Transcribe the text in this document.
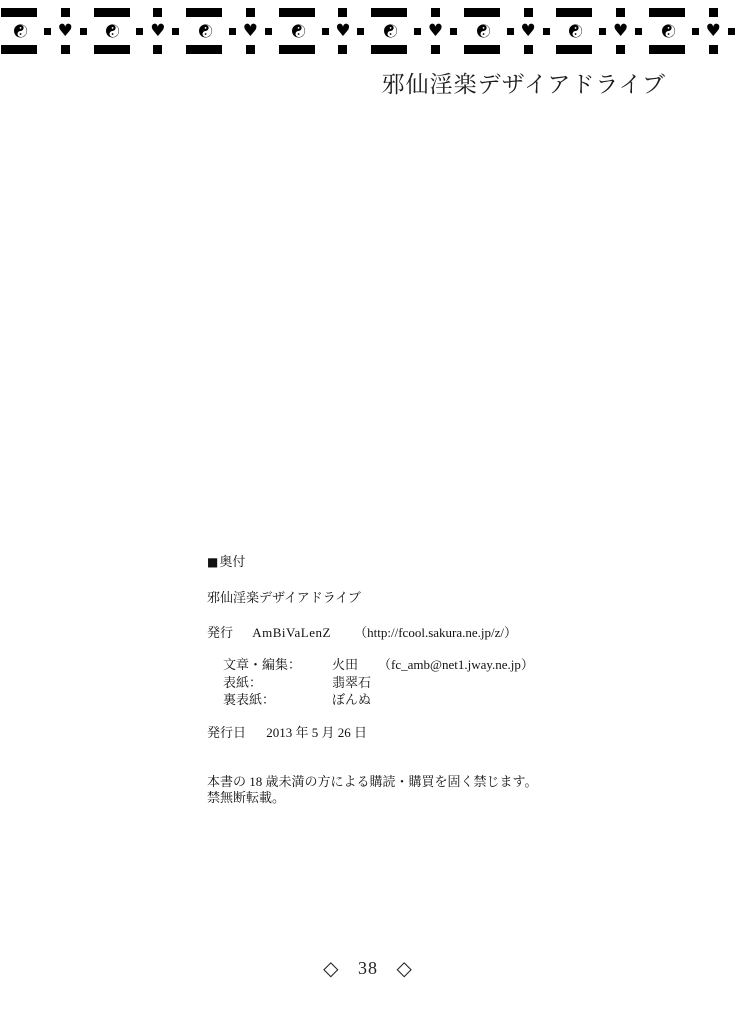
☯ ♥ ☯ ♥ ☯ ♥ ☯ ♥ ☯ ♥ ☯ ♥ ☯ ♥ ☯ ♥
邪仙淫楽デザイアドライブ
■ 奥付
邪仙淫楽デザイアドライブ
発行 AmBiVaLenZ （http://fcool.sakura.ne.jp/z/）
文章・編集：	火田	（fc_amb@net1.jway.ne.jp）
表紙：	翡翠石
裏表紙：	ぼんぬ
発行日 2013 年 5 月 26 日
本書の 18 歳未満の方による購読・購買を固く禁じます。
禁無断転載。
◇ 38 ◇
